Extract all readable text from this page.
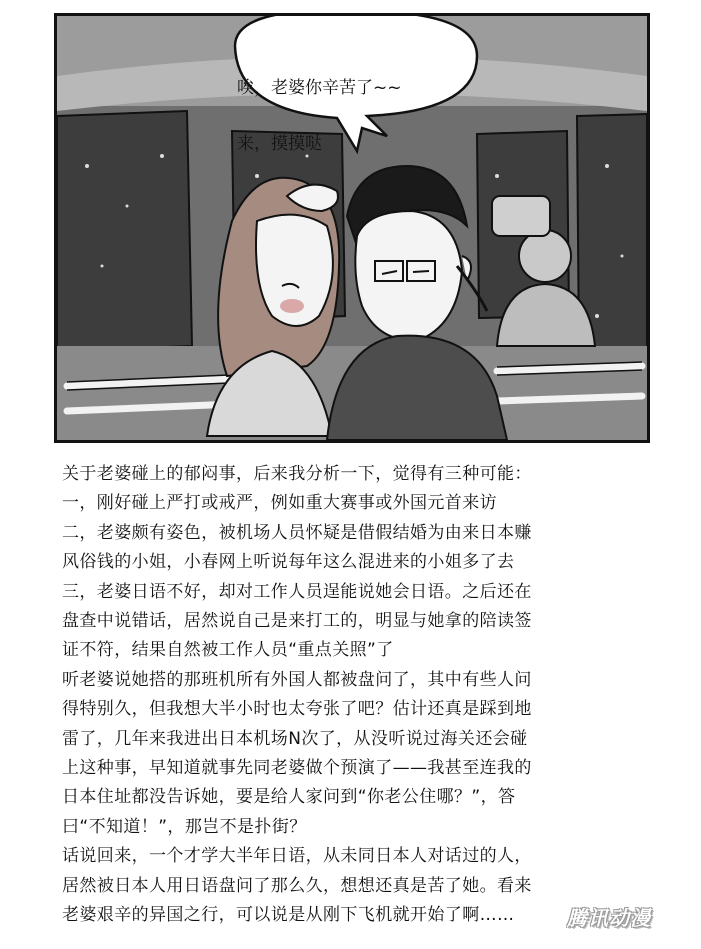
唉，老婆你辛苦了~~

来，摸摸哒

关于老婆碰上的郁闷事，后来我分析一下，觉得有三种可能：
一，刚好碰上严打或戒严，例如重大赛事或外国元首来访
二，老婆颇有姿色，被机场人员怀疑是借假结婚为由来日本赚
风俗钱的小姐，小春网上听说每年这么混进来的小姐多了去
三，老婆日语不好，却对工作人员逞能说她会日语。之后还在
盘查中说错话，居然说自己是来打工的，明显与她拿的陪读签
证不符，结果自然被工作人员“重点关照”了
听老婆说她搭的那班机所有外国人都被盘问了，其中有些人问
得特别久，但我想大半小时也太夸张了吧？估计还真是踩到地
雷了，几年来我进出日本机场N次了，从没听说过海关还会碰
上这种事，早知道就事先同老婆做个预演了——我甚至连我的
日本住址都没告诉她，要是给人家问到“你老公住哪？”，答
曰“不知道！”，那岂不是扑街？
话说回来，一个才学大半年日语，从未同日本人对话过的人，
居然被日本人用日语盘问了那么久，想想还真是苦了她。看来
老婆艰辛的异国之行，可以说是从刚下飞机就开始了啊……	腾讯动漫
